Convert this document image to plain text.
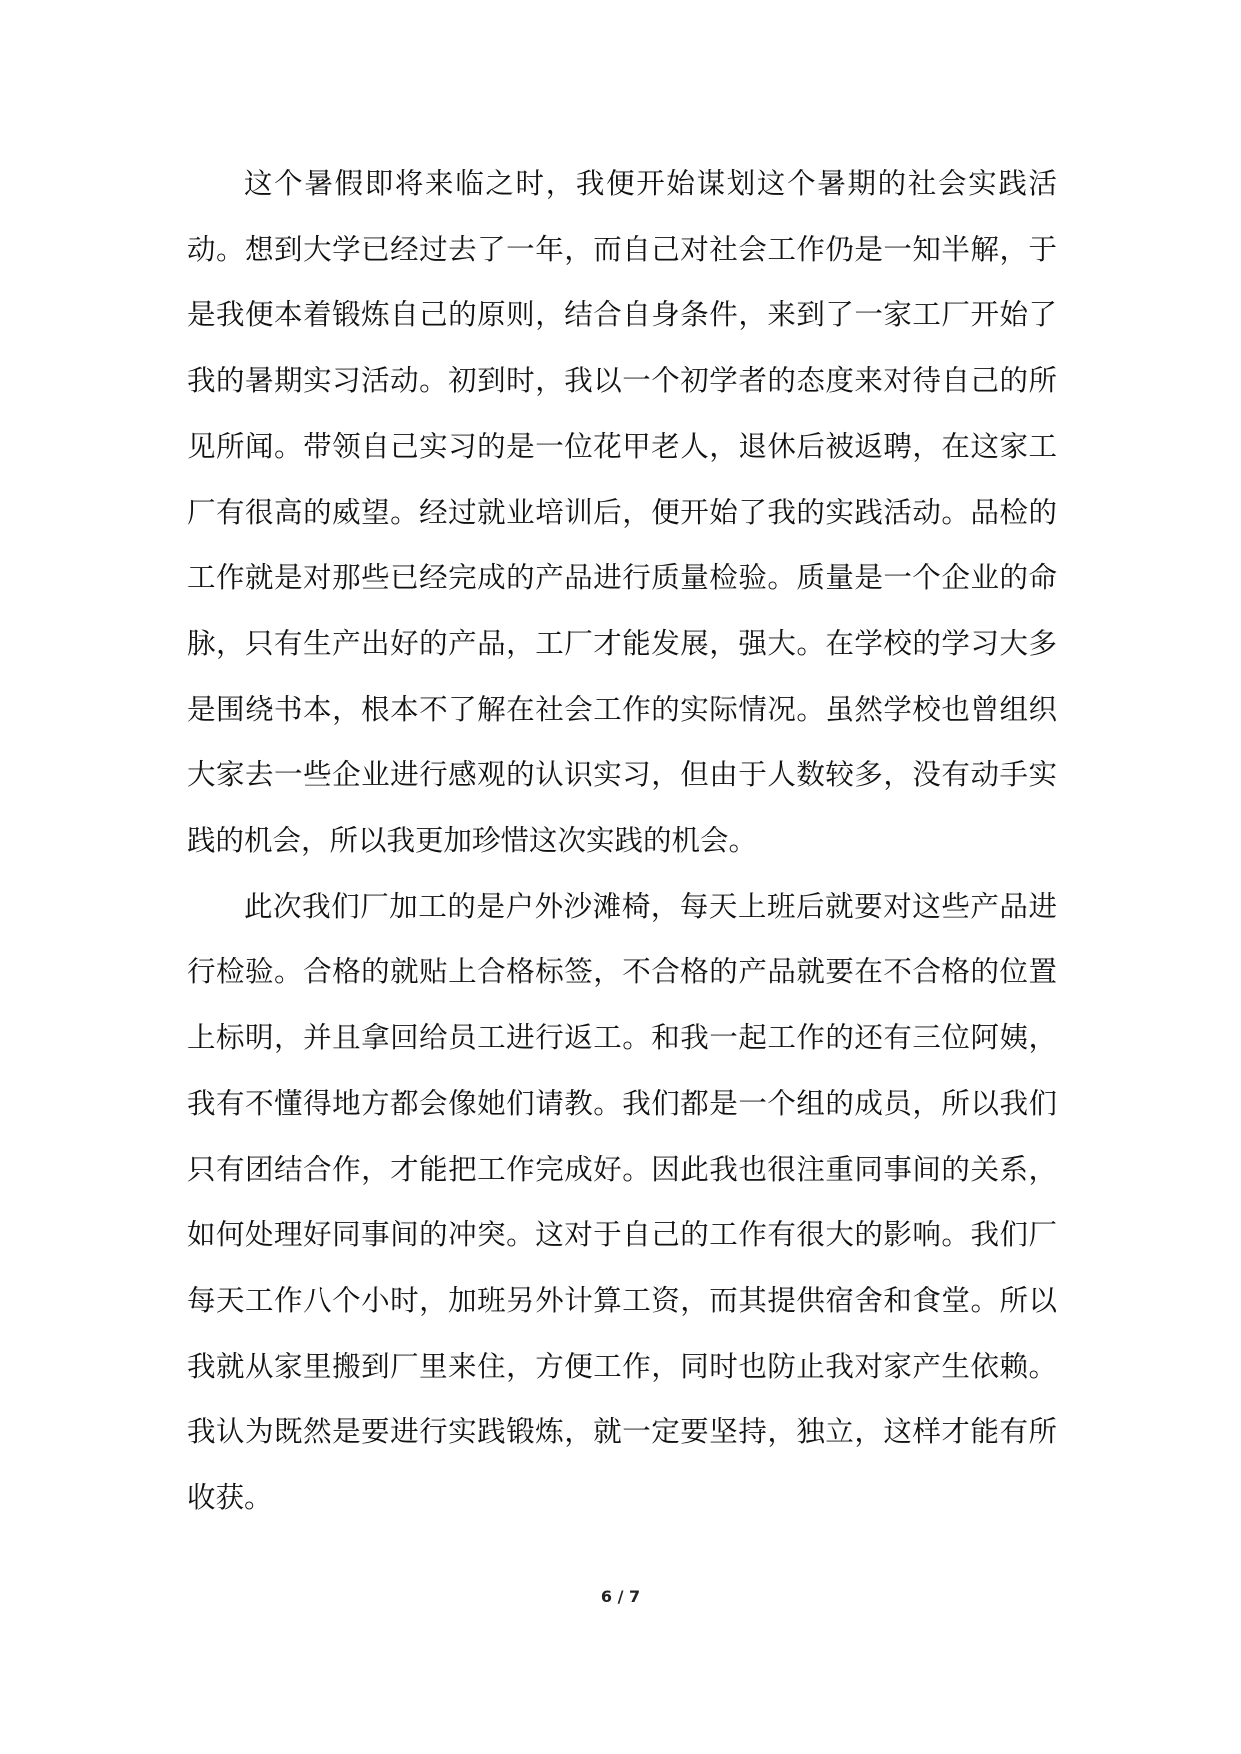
这个暑假即将来临之时，我便开始谋划这个暑期的社会实践活动。想到大学已经过去了一年，而自己对社会工作仍是一知半解，于是我便本着锻炼自己的原则，结合自身条件，来到了一家工厂开始了我的暑期实习活动。初到时，我以一个初学者的态度来对待自己的所见所闻。带领自己实习的是一位花甲老人，退休后被返聘，在这家工厂有很高的威望。经过就业培训后，便开始了我的实践活动。品检的工作就是对那些已经完成的产品进行质量检验。质量是一个企业的命脉，只有生产出好的产品，工厂才能发展，强大。在学校的学习大多是围绕书本，根本不了解在社会工作的实际情况。虽然学校也曾组织大家去一些企业进行感观的认识实习，但由于人数较多，没有动手实践的机会，所以我更加珍惜这次实践的机会。

此次我们厂加工的是户外沙滩椅，每天上班后就要对这些产品进行检验。合格的就贴上合格标签，不合格的产品就要在不合格的位置上标明，并且拿回给员工进行返工。和我一起工作的还有三位阿姨，我有不懂得地方都会像她们请教。我们都是一个组的成员，所以我们只有团结合作，才能把工作完成好。因此我也很注重同事间的关系，如何处理好同事间的冲突。这对于自己的工作有很大的影响。我们厂每天工作八个小时，加班另外计算工资，而其提供宿舍和食堂。所以我就从家里搬到厂里来住，方便工作，同时也防止我对家产生依赖。我认为既然是要进行实践锻炼，就一定要坚持，独立，这样才能有所收获。

6 / 7
